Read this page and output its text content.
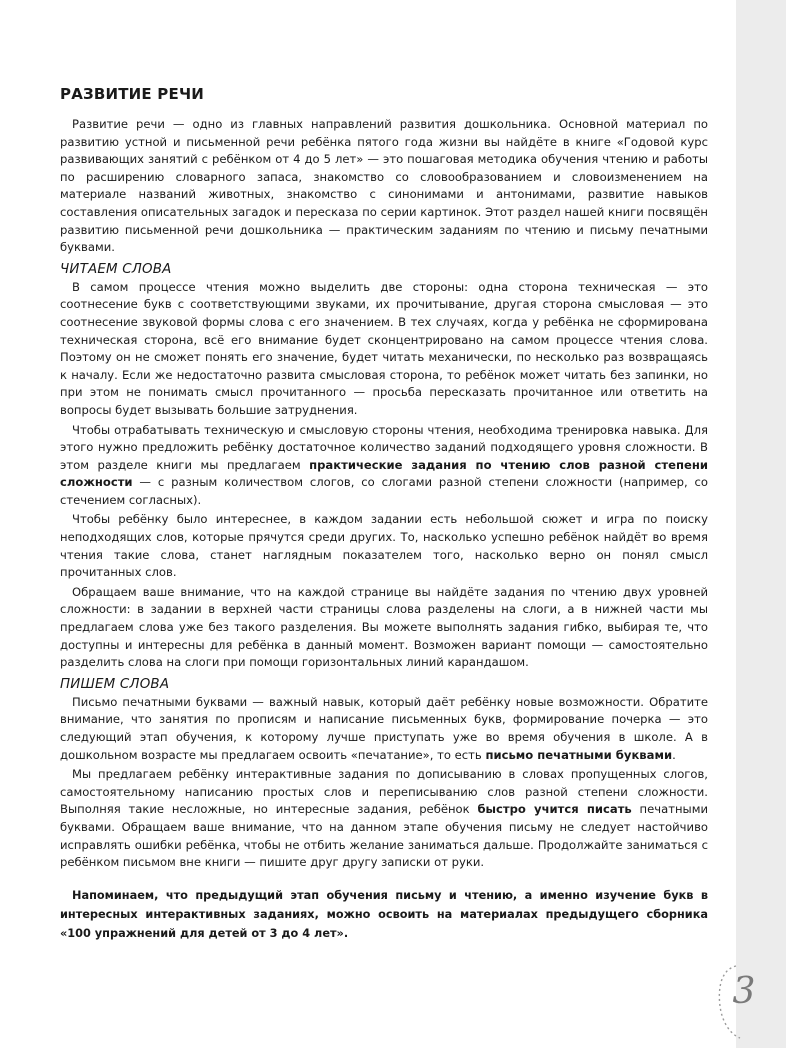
3
РАЗВИТИЕ РЕЧИ

Развитие речи — одно из главных направлений развития дошкольника. Основной материал по развитию устной и письменной речи ребёнка пятого года жизни вы найдёте в книге «Годовой курс развивающих занятий с ребёнком от 4 до 5 лет» — это пошаговая методика обучения чтению и работы по расширению словарного запаса, знакомство со словообразованием и словоизменением на материале названий животных, знакомство с синонимами и антонимами, развитие навыков составления описательных загадок и пересказа по серии картинок. Этот раздел нашей книги посвящён развитию письменной речи дошкольника — практическим заданиям по чтению и письму печатными буквами.

ЧИТАЕМ СЛОВА

В самом процессе чтения можно выделить две стороны: одна сторона техническая — это соотнесение букв с соответствующими звуками, их прочитывание, другая сторона смысловая — это соотнесение звуковой формы слова с его значением. В тех случаях, когда у ребёнка не сформирована техническая сторона, всё его внимание будет сконцентрировано на самом процессе чтения слова. Поэтому он не сможет понять его значение, будет читать механически, по несколько раз возвращаясь к началу. Если же недостаточно развита смысловая сторона, то ребёнок может читать без запинки, но при этом не понимать смысл прочитанного — просьба пересказать прочитанное или ответить на вопросы будет вызывать большие затруднения.

Чтобы отрабатывать техническую и смысловую стороны чтения, необходима тренировка навыка. Для этого нужно предложить ребёнку достаточное количество заданий подходящего уровня сложности. В этом разделе книги мы предлагаем практические задания по чтению слов разной степени сложности — с разным количеством слогов, со слогами разной степени сложности (например, со стечением согласных).

Чтобы ребёнку было интереснее, в каждом задании есть небольшой сюжет и игра по поиску неподходящих слов, которые прячутся среди других. То, насколько успешно ребёнок найдёт во время чтения такие слова, станет наглядным показателем того, насколько верно он понял смысл прочитанных слов.

Обращаем ваше внимание, что на каждой странице вы найдёте задания по чтению двух уровней сложности: в задании в верхней части страницы слова разделены на слоги, а в нижней части мы предлагаем слова уже без такого разделения. Вы можете выполнять задания гибко, выбирая те, что доступны и интересны для ребёнка в данный момент. Возможен вариант помощи — самостоятельно разделить слова на слоги при помощи горизонтальных линий карандашом.

ПИШЕМ СЛОВА

Письмо печатными буквами — важный навык, который даёт ребёнку новые возможности. Обратите внимание, что занятия по прописям и написание письменных букв, формирование почерка — это следующий этап обучения, к которому лучше приступать уже во время обучения в школе. А в дошкольном возрасте мы предлагаем освоить «печатание», то есть письмо печатными буквами.

Мы предлагаем ребёнку интерактивные задания по дописыванию в словах пропущенных слогов, самостоятельному написанию простых слов и переписыванию слов разной степени сложности. Выполняя такие несложные, но интересные задания, ребёнок быстро учится писать печатными буквами. Обращаем ваше внимание, что на данном этапе обучения письму не следует настойчиво исправлять ошибки ребёнка, чтобы не отбить желание заниматься дальше. Продолжайте заниматься с ребёнком письмом вне книги — пишите друг другу записки от руки.

Напоминаем, что предыдущий этап обучения письму и чтению, а именно изучение букв в интересных интерактивных заданиях, можно освоить на материалах предыдущего сборника «100 упражнений для детей от 3 до 4 лет».
